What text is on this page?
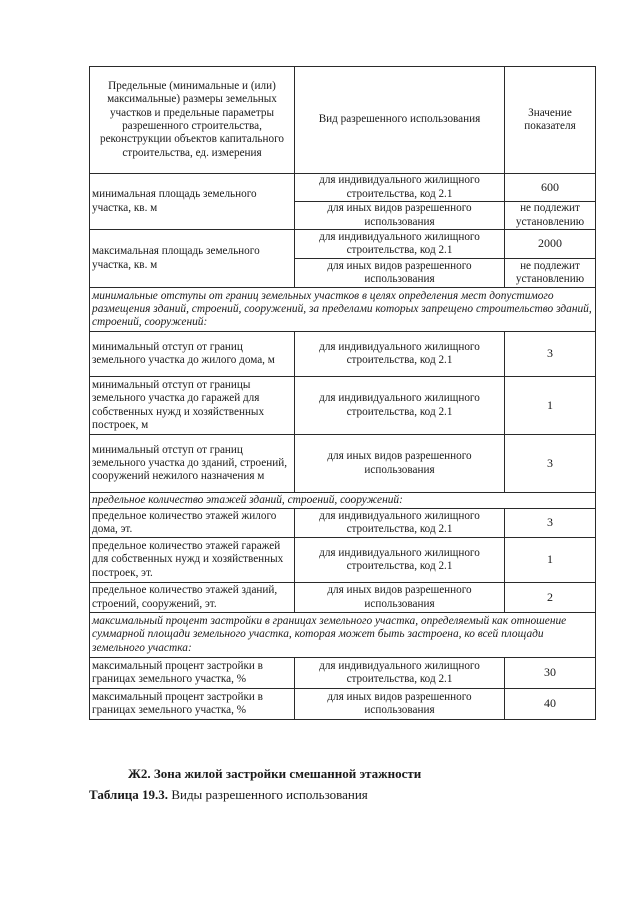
Предельные (минимальные и (или) максимальные) размеры земельных участков и предельные параметры разрешенного строительства, реконструкции объектов капитального строительства, ед. измерения	Вид разрешенного использования	Значение показателя
минимальная площадь земельного участка, кв. м	для индивидуального жилищного строительства, код 2.1	600
	для иных видов разрешенного использования	не подлежит установлению
максимальная площадь земельного участка, кв. м	для индивидуального жилищного строительства, код 2.1	2000
	для иных видов разрешенного использования	не подлежит установлению
минимальные отступы от границ земельных участков в целях определения мест допустимого размещения зданий, строений, сооружений, за пределами которых запрещено строительство зданий, строений, сооружений:		
минимальный отступ от границ земельного участка до жилого дома, м	для индивидуального жилищного строительства, код 2.1	3
минимальный отступ от границы земельного участка до гаражей для собственных нужд и хозяйственных построек, м	для индивидуального жилищного строительства, код 2.1	1
минимальный отступ от границ земельного участка до зданий, строений, сооружений нежилого назначения м	для иных видов разрешенного использования	3
предельное количество этажей зданий, строений, сооружений:		
предельное количество этажей жилого дома, эт.	для индивидуального жилищного строительства, код 2.1	3
предельное количество этажей гаражей для собственных нужд и хозяйственных построек, эт.	для индивидуального жилищного строительства, код 2.1	1
предельное количество этажей зданий, строений, сооружений, эт.	для иных видов разрешенного использования	2
максимальный процент застройки в границах земельного участка, определяемый как отношение суммарной площади земельного участка, которая может быть застроена, ко всей площади земельного участка:		
максимальный процент застройки в границах земельного участка, %	для индивидуального жилищного строительства, код 2.1	30
максимальный процент застройки в границах земельного участка, %	для иных видов разрешенного использования	40
Ж2. Зона жилой застройки смешанной этажности
Таблица 19.3. Виды разрешенного использования
